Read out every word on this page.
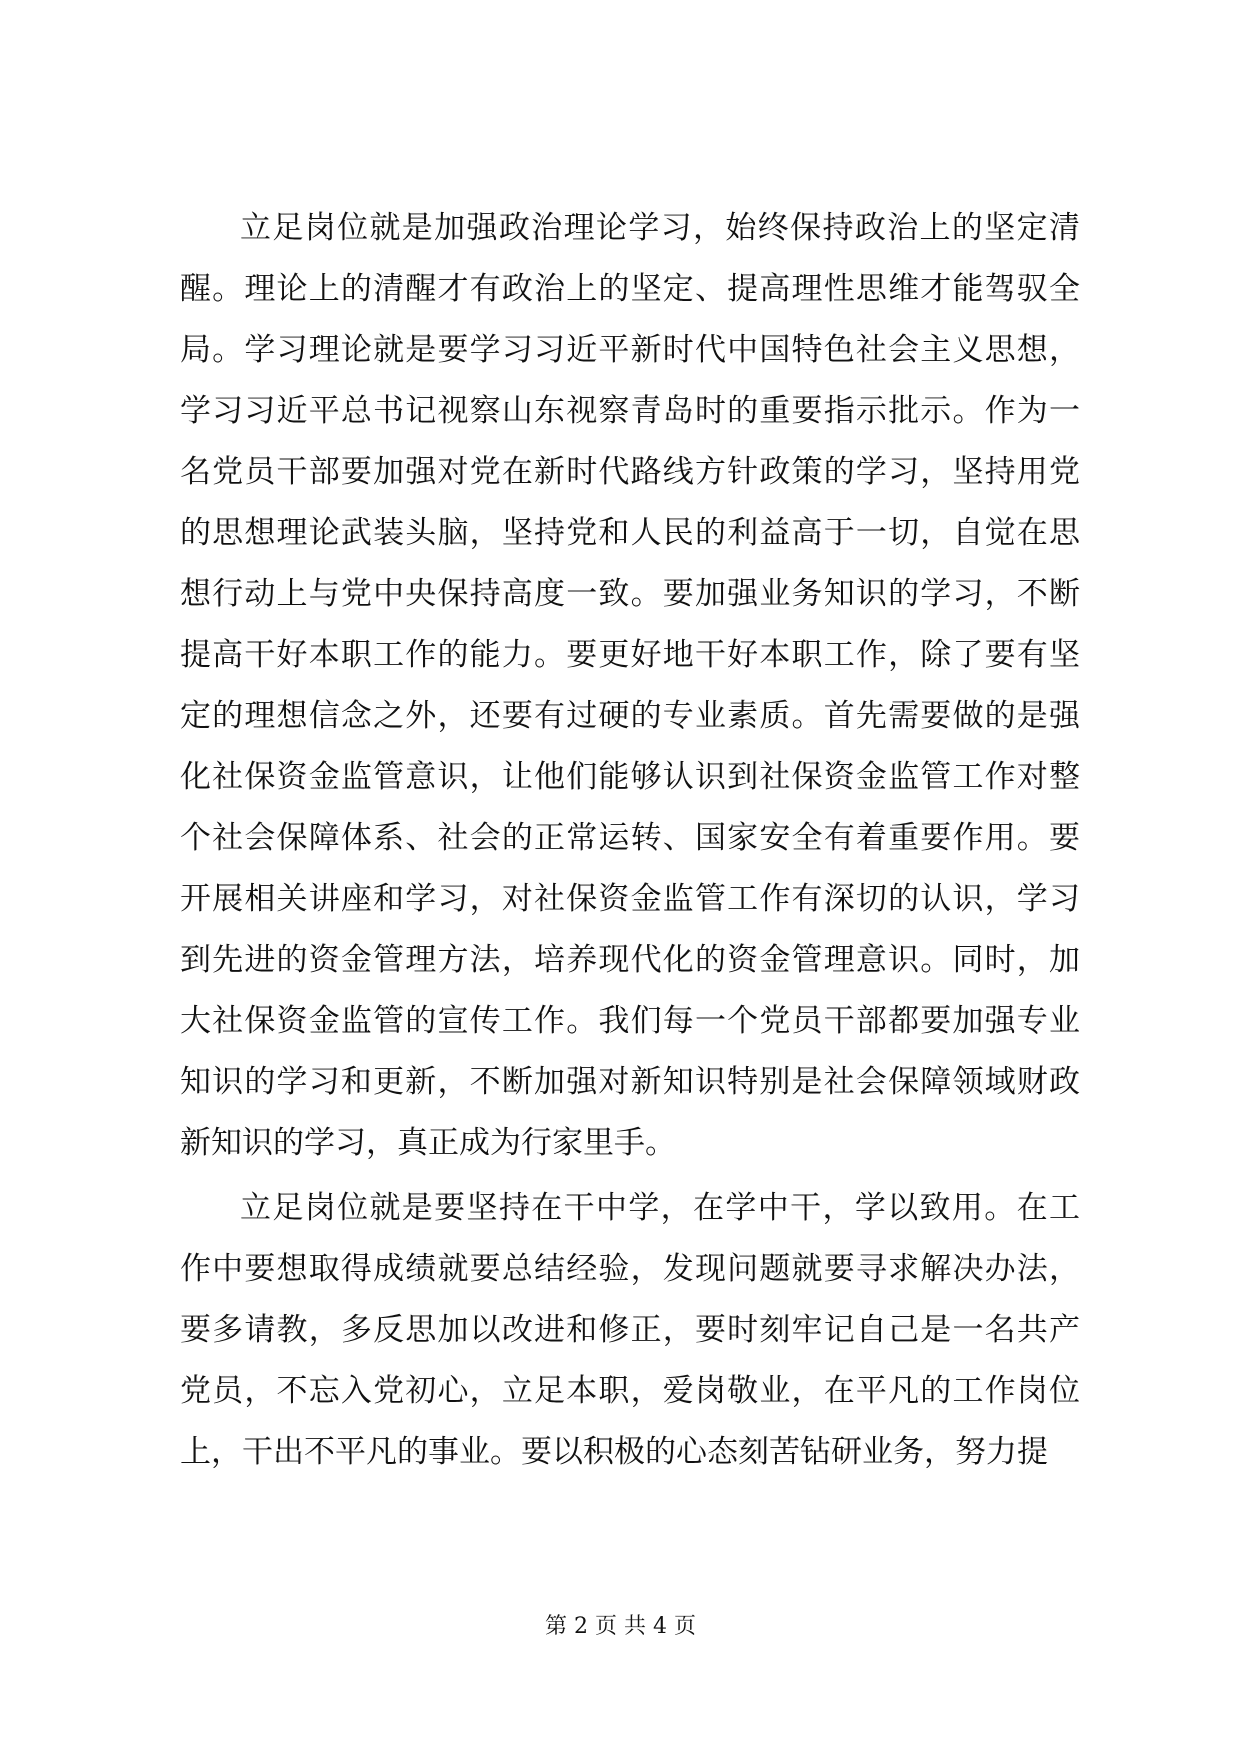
立足岗位就是加强政治理论学习，始终保持政治上的坚定清
醒。理论上的清醒才有政治上的坚定、提高理性思维才能驾驭全
局。学习理论就是要学习习近平新时代中国特色社会主义思想，
学习习近平总书记视察山东视察青岛时的重要指示批示。作为一
名党员干部要加强对党在新时代路线方针政策的学习，坚持用党
的思想理论武装头脑，坚持党和人民的利益高于一切，自觉在思
想行动上与党中央保持高度一致。要加强业务知识的学习，不断
提高干好本职工作的能力。要更好地干好本职工作，除了要有坚
定的理想信念之外，还要有过硬的专业素质。首先需要做的是强
化社保资金监管意识，让他们能够认识到社保资金监管工作对整
个社会保障体系、社会的正常运转、国家安全有着重要作用。要
开展相关讲座和学习，对社保资金监管工作有深切的认识，学习
到先进的资金管理方法，培养现代化的资金管理意识。同时，加
大社保资金监管的宣传工作。我们每一个党员干部都要加强专业
知识的学习和更新，不断加强对新知识特别是社会保障领域财政
新知识的学习，真正成为行家里手。
立足岗位就是要坚持在干中学，在学中干，学以致用。在工
作中要想取得成绩就要总结经验，发现问题就要寻求解决办法，
要多请教，多反思加以改进和修正，要时刻牢记自己是一名共产
党员，不忘入党初心，立足本职，爱岗敬业，在平凡的工作岗位
上，干出不平凡的事业。要以积极的心态刻苦钻研业务，努力提
第 2 页 共 4 页
